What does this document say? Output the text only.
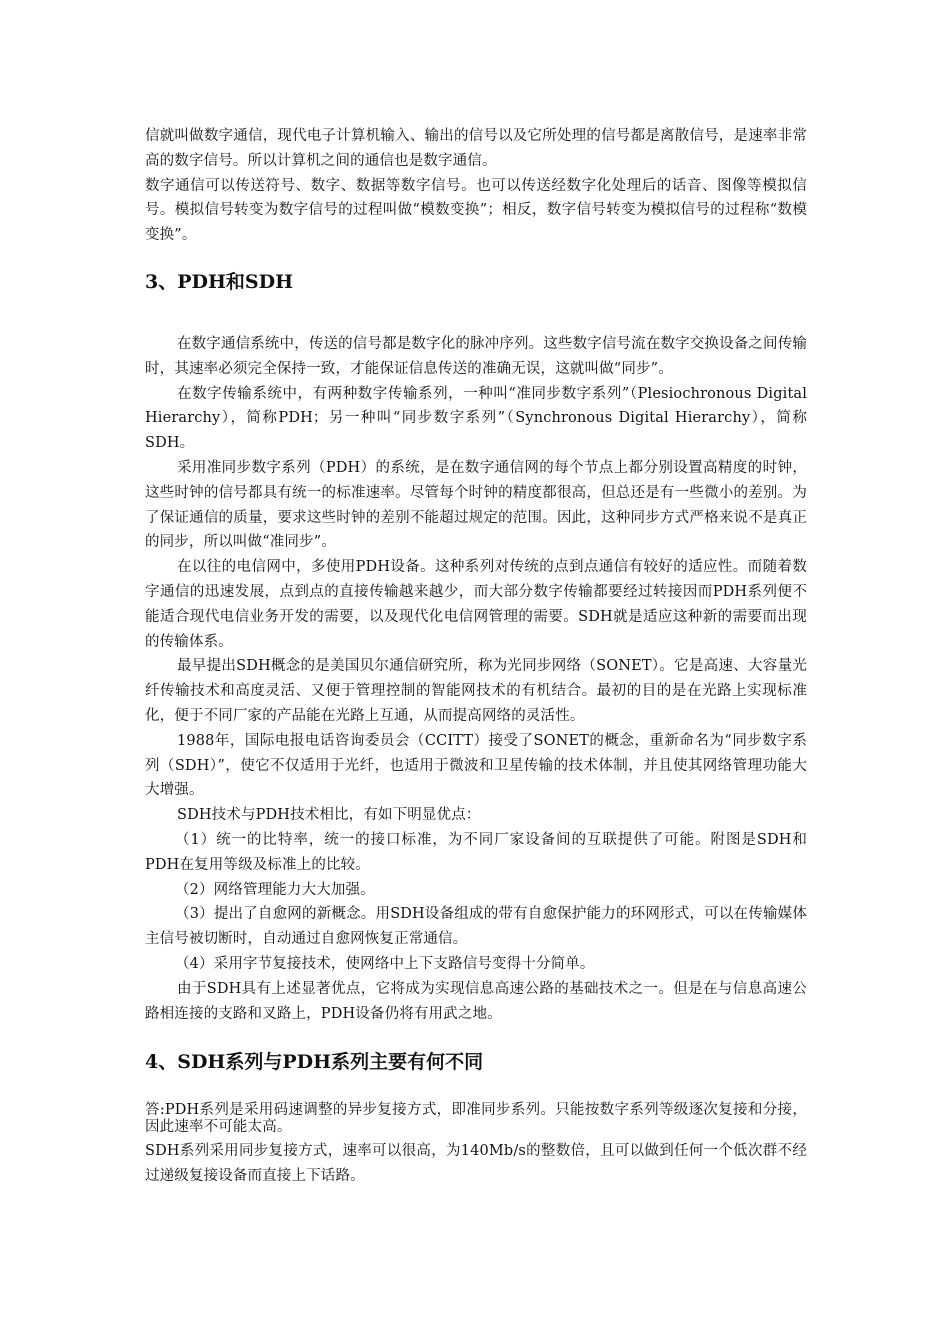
信就叫做数字通信，现代电子计算机输入、输出的信号以及它所处理的信号都是离散信号，是速率非常高的数字信号。所以计算机之间的通信也是数字通信。

数字通信可以传送符号、数字、数据等数字信号。也可以传送经数字化处理后的话音、图像等模拟信号。模拟信号转变为数字信号的过程叫做“模数变换”；相反，数字信号转变为模拟信号的过程称“数模变换”。

3、PDH和SDH

在数字通信系统中，传送的信号都是数字化的脉冲序列。这些数字信号流在数字交换设备之间传输时，其速率必须完全保持一致，才能保证信息传送的准确无误，这就叫做“同步”。

在数字传输系统中，有两种数字传输系列，一种叫“准同步数字系列”（Plesiochronous Digital Hierarchy），简称PDH；另一种叫“同步数字系列”（Synchronous Digital Hierarchy），简称SDH。

采用准同步数字系列（PDH）的系统，是在数字通信网的每个节点上都分别设置高精度的时钟，这些时钟的信号都具有统一的标准速率。尽管每个时钟的精度都很高，但总还是有一些微小的差别。为了保证通信的质量，要求这些时钟的差别不能超过规定的范围。因此，这种同步方式严格来说不是真正的同步，所以叫做“准同步”。

在以往的电信网中，多使用PDH设备。这种系列对传统的点到点通信有较好的适应性。而随着数字通信的迅速发展，点到点的直接传输越来越少，而大部分数字传输都要经过转接因而PDH系列便不能适合现代电信业务开发的需要，以及现代化电信网管理的需要。SDH就是适应这种新的需要而出现的传输体系。

最早提出SDH概念的是美国贝尔通信研究所，称为光同步网络（SONET）。它是高速、大容量光纤传输技术和高度灵活、又便于管理控制的智能网技术的有机结合。最初的目的是在光路上实现标准化，便于不同厂家的产品能在光路上互通，从而提高网络的灵活性。

1988年，国际电报电话咨询委员会（CCITT）接受了SONET的概念，重新命名为“同步数字系列（SDH）”，使它不仅适用于光纤，也适用于微波和卫星传输的技术体制，并且使其网络管理功能大大增强。

SDH技术与PDH技术相比，有如下明显优点：

（1）统一的比特率，统一的接口标准，为不同厂家设备间的互联提供了可能。附图是SDH和PDH在复用等级及标准上的比较。

（2）网络管理能力大大加强。

（3）提出了自愈网的新概念。用SDH设备组成的带有自愈保护能力的环网形式，可以在传输媒体主信号被切断时，自动通过自愈网恢复正常通信。

（4）采用字节复接技术，使网络中上下支路信号变得十分简单。

由于SDH具有上述显著优点，它将成为实现信息高速公路的基础技术之一。但是在与信息高速公路相连接的支路和叉路上，PDH设备仍将有用武之地。

4、SDH系列与PDH系列主要有何不同

答:PDH系列是采用码速调整的异步复接方式，即准同步系列。只能按数字系列等级逐次复接和分接，因此速率不可能太高。

SDH系列采用同步复接方式，速率可以很高，为140Mb/s的整数倍，且可以做到任何一个低次群不经过递级复接设备而直接上下话路。
